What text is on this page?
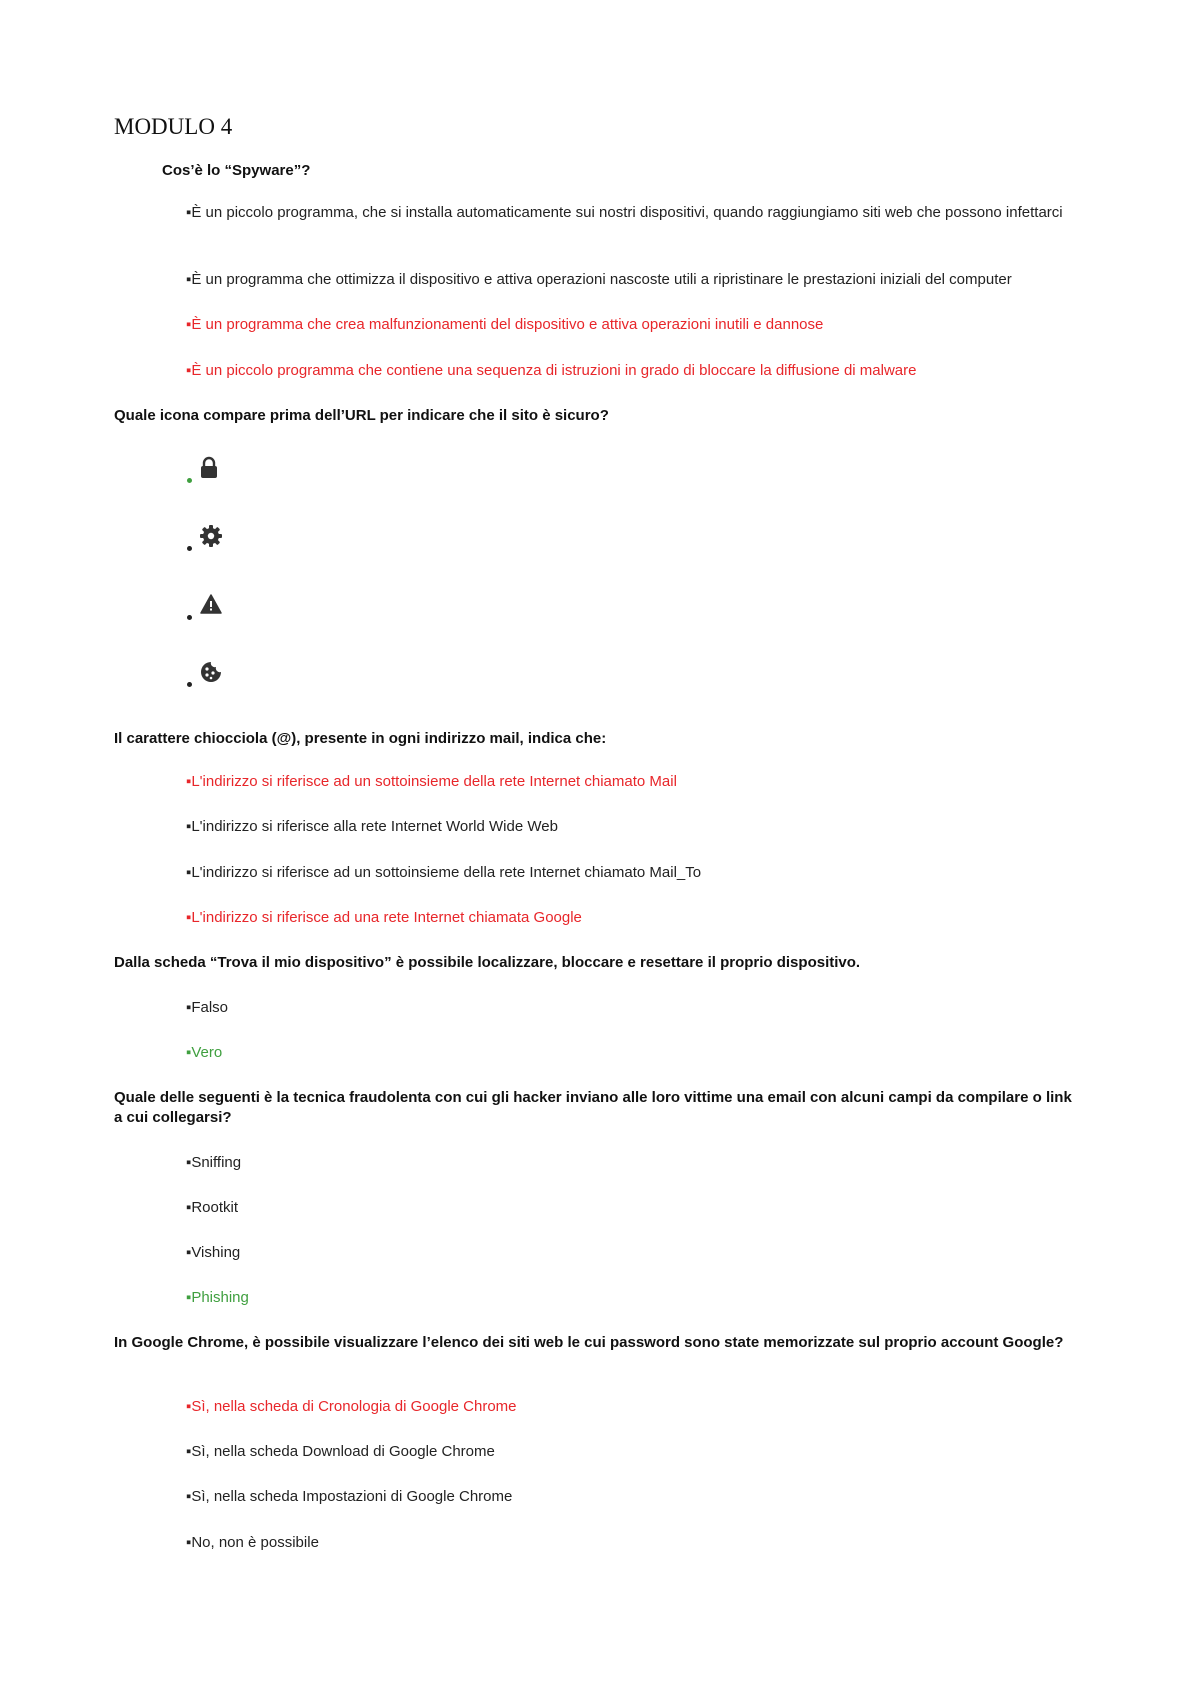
MODULO 4

Cos’è lo “Spyware”?

▪È un piccolo programma, che si installa automaticamente sui nostri dispositivi, quando raggiungiamo siti web che possono infettarci

▪È un programma che ottimizza il dispositivo e attiva operazioni nascoste utili a ripristinare le prestazioni iniziali del computer

▪È un programma che crea malfunzionamenti del dispositivo e attiva operazioni inutili e dannose

▪È un piccolo programma che contiene una sequenza di istruzioni in grado di bloccare la diffusione di malware

Quale icona compare prima dell’URL per indicare che il sito è sicuro?

Il carattere chiocciola (@), presente in ogni indirizzo mail, indica che:

▪L'indirizzo si riferisce ad un sottoinsieme della rete Internet chiamato Mail

▪L'indirizzo si riferisce alla rete Internet World Wide Web

▪L'indirizzo si riferisce ad un sottoinsieme della rete Internet chiamato Mail_To

▪L'indirizzo si riferisce ad una rete Internet chiamata Google

Dalla scheda “Trova il mio dispositivo” è possibile localizzare, bloccare e resettare il proprio dispositivo.

▪Falso

▪Vero

Quale delle seguenti è la tecnica fraudolenta con cui gli hacker inviano alle loro vittime una email con alcuni campi da compilare o link a cui collegarsi?

▪Sniffing

▪Rootkit

▪Vishing

▪Phishing

In Google Chrome, è possibile visualizzare l’elenco dei siti web le cui password sono state memorizzate sul proprio account Google?

▪Sì, nella scheda di Cronologia di Google Chrome

▪Sì, nella scheda Download di Google Chrome

▪Sì, nella scheda Impostazioni di Google Chrome

▪No, non è possibile
